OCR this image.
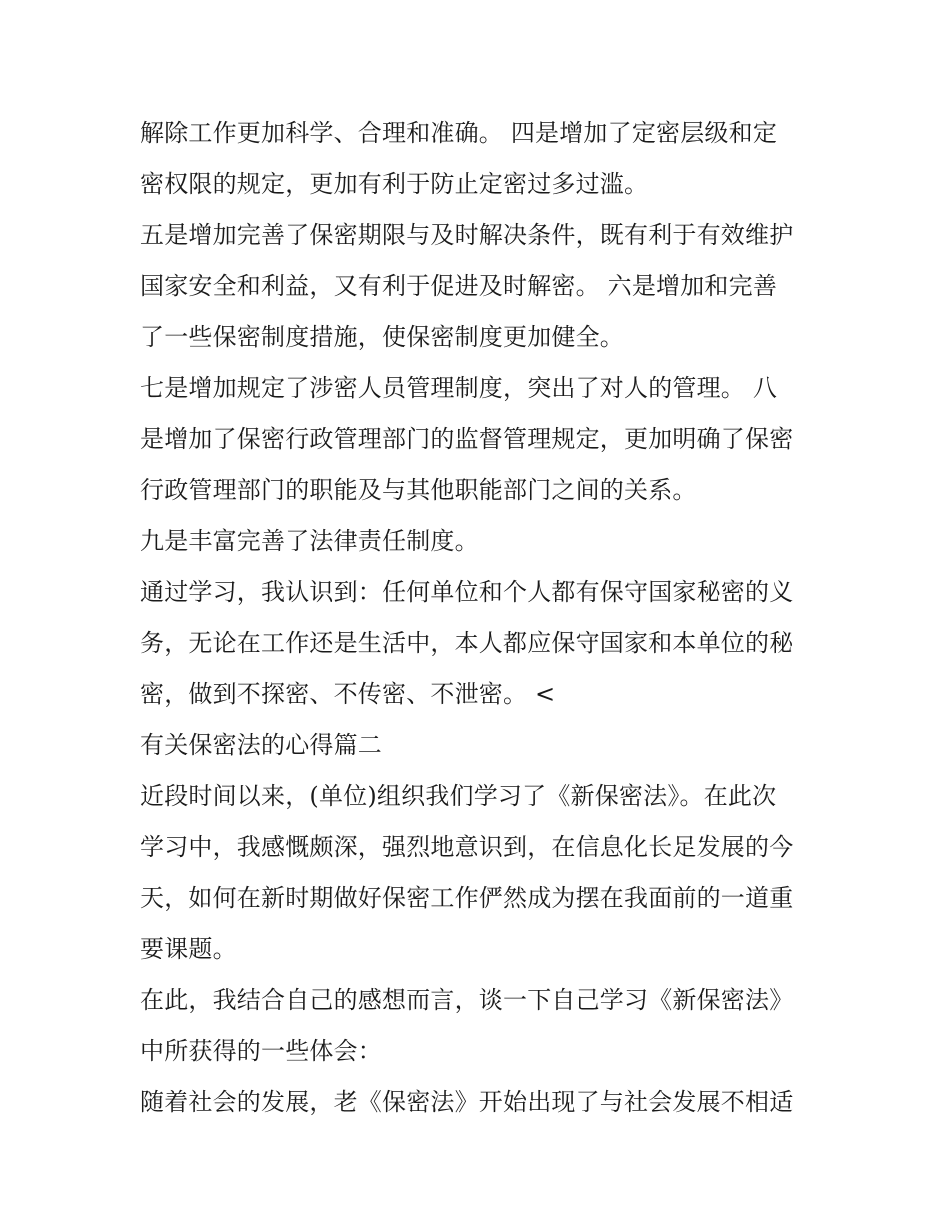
解除工作更加科学、合理和准确。 四是增加了定密层级和定
密权限的规定，更加有利于防止定密过多过滥。
五是增加完善了保密期限与及时解决条件，既有利于有效维护
国家安全和利益，又有利于促进及时解密。 六是增加和完善
了一些保密制度措施，使保密制度更加健全。
七是增加规定了涉密人员管理制度，突出了对人的管理。 八
是增加了保密行政管理部门的监督管理规定，更加明确了保密
行政管理部门的职能及与其他职能部门之间的关系。
九是丰富完善了法律责任制度。
通过学习，我认识到：任何单位和个人都有保守国家秘密的义
务，无论在工作还是生活中，本人都应保守国家和本单位的秘
密，做到不探密、不传密、不泄密。 <
有关保密法的心得篇二
近段时间以来，(单位)组织我们学习了《新保密法》。在此次
学习中，我感慨颇深，强烈地意识到，在信息化长足发展的今
天，如何在新时期做好保密工作俨然成为摆在我面前的一道重
要课题。
在此，我结合自己的感想而言，谈一下自己学习《新保密法》
中所获得的一些体会：
随着社会的发展，老《保密法》开始出现了与社会发展不相适
